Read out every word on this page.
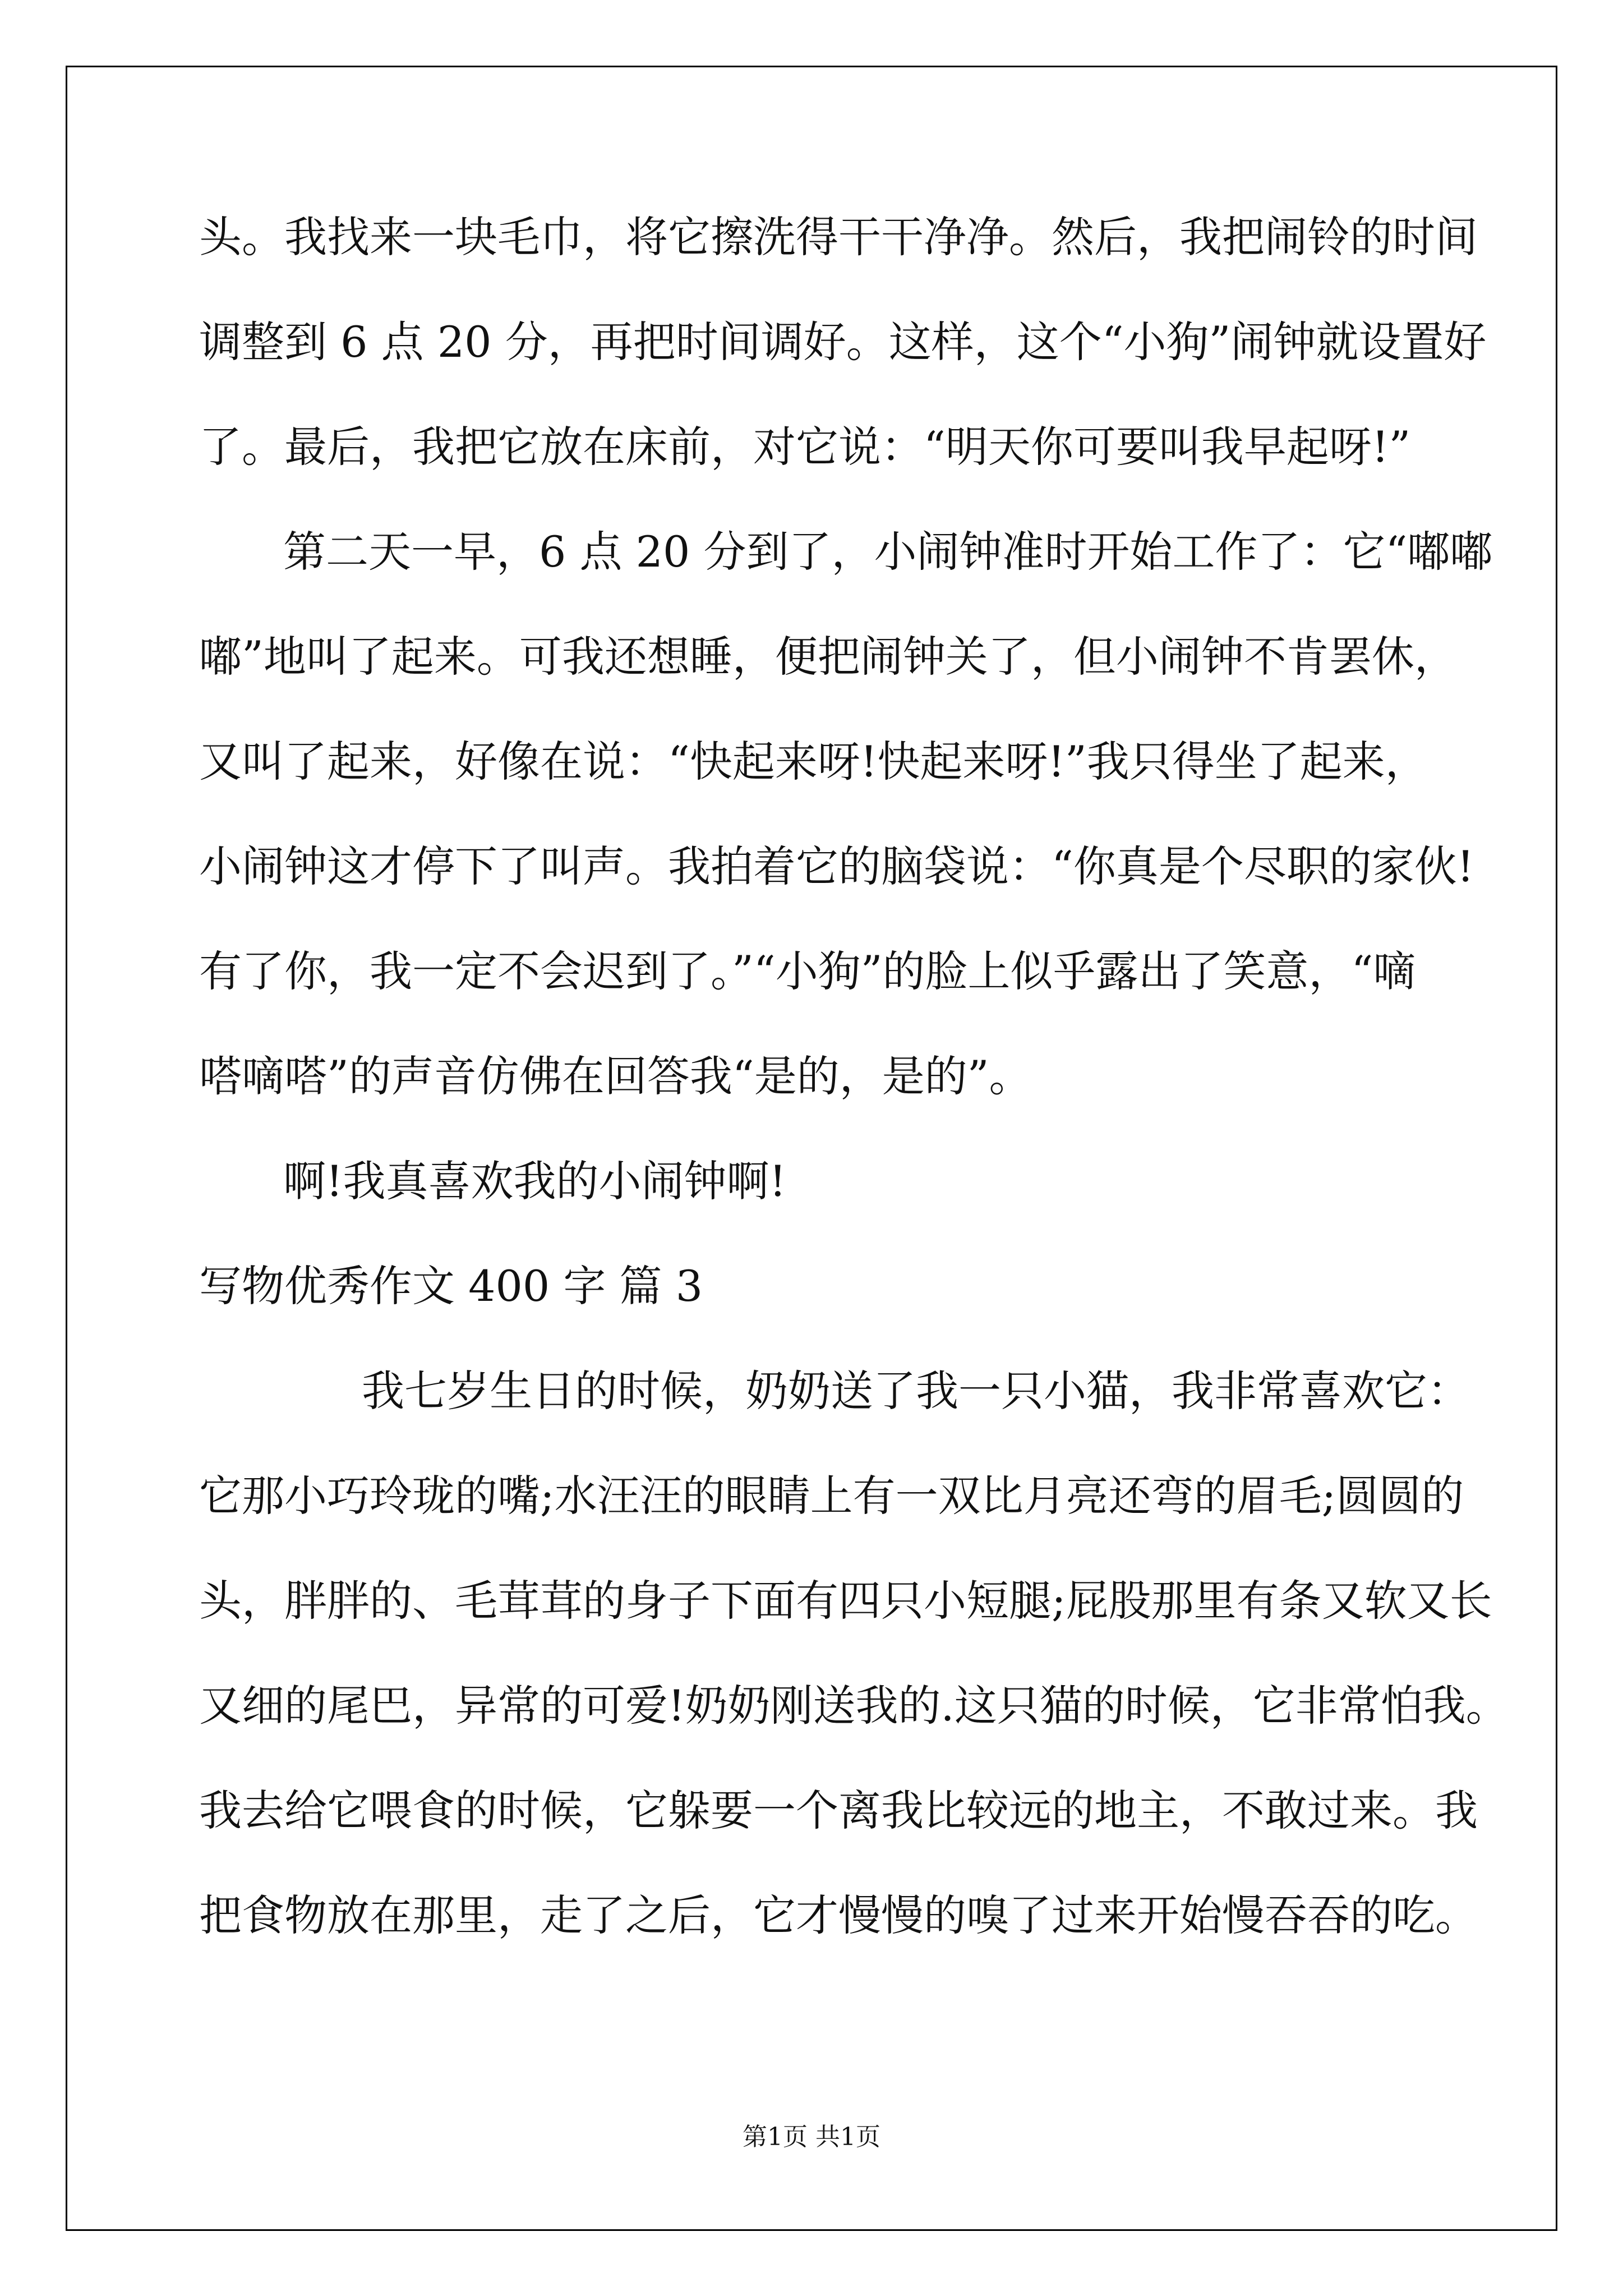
头。我找来一块毛巾，将它擦洗得干干净净。然后，我把闹铃的时间
调整到 6 点 20 分，再把时间调好。这样，这个“小狗”闹钟就设置好
了。最后，我把它放在床前，对它说：“明天你可要叫我早起呀!”
第二天一早，6 点 20 分到了，小闹钟准时开始工作了：它“嘟嘟
嘟”地叫了起来。可我还想睡，便把闹钟关了，但小闹钟不肯罢休，
又叫了起来，好像在说：“快起来呀!快起来呀!”我只得坐了起来，
小闹钟这才停下了叫声。我拍着它的脑袋说：“你真是个尽职的家伙!
有了你，我一定不会迟到了。”“小狗”的脸上似乎露出了笑意，“嘀
嗒嘀嗒”的声音仿佛在回答我“是的，是的”。
啊!我真喜欢我的小闹钟啊!
写物优秀作文 400 字 篇 3
我七岁生日的时候，奶奶送了我一只小猫，我非常喜欢它：
它那小巧玲珑的嘴;水汪汪的眼睛上有一双比月亮还弯的眉毛;圆圆的
头，胖胖的、毛茸茸的身子下面有四只小短腿;屁股那里有条又软又长
又细的尾巴，异常的可爱!奶奶刚送我的.这只猫的时候，它非常怕我。
我去给它喂食的时候，它躲要一个离我比较远的地主，不敢过来。我
把食物放在那里，走了之后，它才慢慢的嗅了过来开始慢吞吞的吃。
第1页 共1页
